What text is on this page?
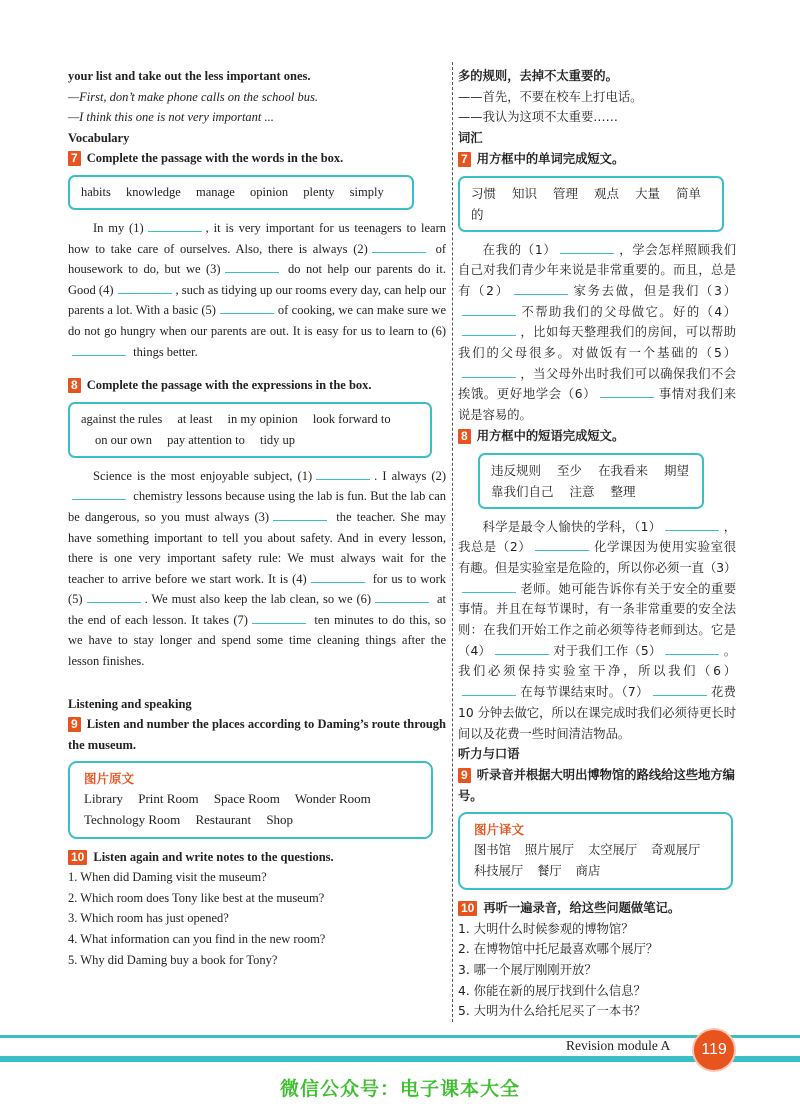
your list and take out the less important ones.
—First, don’t make phone calls on the school bus.
—I think this one is not very important ...
Vocabulary
7 Complete the passage with the words in the box.
habits knowledge manage opinion plenty simply
In my (1)	, it is very important for us teenagers to learn how to take care of ourselves. Also, there is always (2)	of housework to do, but we (3)	do not help our parents do it. Good (4)	, such as tidying up our rooms every day, can help our parents a lot. With a basic (5)	of cooking, we can make sure we do not go hungry when our parents are out. It is easy for us to learn to (6) things better.
8 Complete the passage with the expressions in the box.
against the rules at least in my opinion look forward to
on our own pay attention to tidy up
Science is the most enjoyable subject, (1)	. I always (2) chemistry lessons because using the lab is fun. But the lab can be dangerous, so you must always (3)	the teacher. She may have something important to tell you about safety. And in every lesson, there is one very important safety rule: We must always wait for the teacher to arrive before we start work. It is (4)	for us to work (5)	. We must also keep the lab clean, so we (6)	at the end of each lesson. It takes (7)	ten minutes to do this, so we have to stay longer and spend some time cleaning things after the lesson finishes.
Listening and speaking
9 Listen and number the places according to Daming’s route through the museum.
图片原文
Library Print Room Space Room Wonder Room
Technology Room Restaurant Shop
10 Listen again and write notes to the questions.
1. When did Daming visit the museum?
2. Which room does Tony like best at the museum?
3. Which room has just opened?
4. What information can you find in the new room?
5. Why did Daming buy a book for Tony?
多的规则，去掉不太重要的。
——首先，不要在校车上打电话。
——我认为这项不太重要……
词汇
7 用方框中的单词完成短文。
习惯 知识 管理 观点 大量 简单的
在我的（1）	，学会怎样照顾我们自己对我们青少年来说是非常重要的。而且，总是有（2）	家务去做，但是我们（3）不帮助我们的父母做它。好的（4），比如每天整理我们的房间，可以帮助我们的父母很多。对做饭有一个基础的（5），当父母外出时我们可以确保我们不会挨饿。更好地学会（6）	事情对我们来说是容易的。
8 用方框中的短语完成短文。
违反规则 至少 在我看来 期望
靠我们自己 注意 整理
科学是最令人愉快的学科，（1）	，我总是（2）	化学课因为使用实验室很有趣。但是实验室是危险的，所以你必须一直（3）老师。她可能告诉你有关于安全的重要事情。并且在每节课时，有一条非常重要的安全法则：在我们开始工作之前必须等待老师到达。它是（4）	对于我们工作（5）	。我们必须保持实验室干净，所以我们（6）在每节课结束时。（7）	花费 10 分钟去做它，所以在课完成时我们必须待更长时间以及花费一些时间清洁物品。
听力与口语
9 听录音并根据大明出博物馆的路线给这些地方编号。
图片译文
图书馆 照片展厅 太空展厅 奇观展厅
科技展厅 餐厅 商店
10 再听一遍录音，给这些问题做笔记。
1. 大明什么时候参观的博物馆？
2. 在博物馆中托尼最喜欢哪个展厅？
3. 哪一个展厅刚刚开放？
4. 你能在新的展厅找到什么信息？
5. 大明为什么给托尼买了一本书？
Revision module A	119
微信公众号：电子课本大全
